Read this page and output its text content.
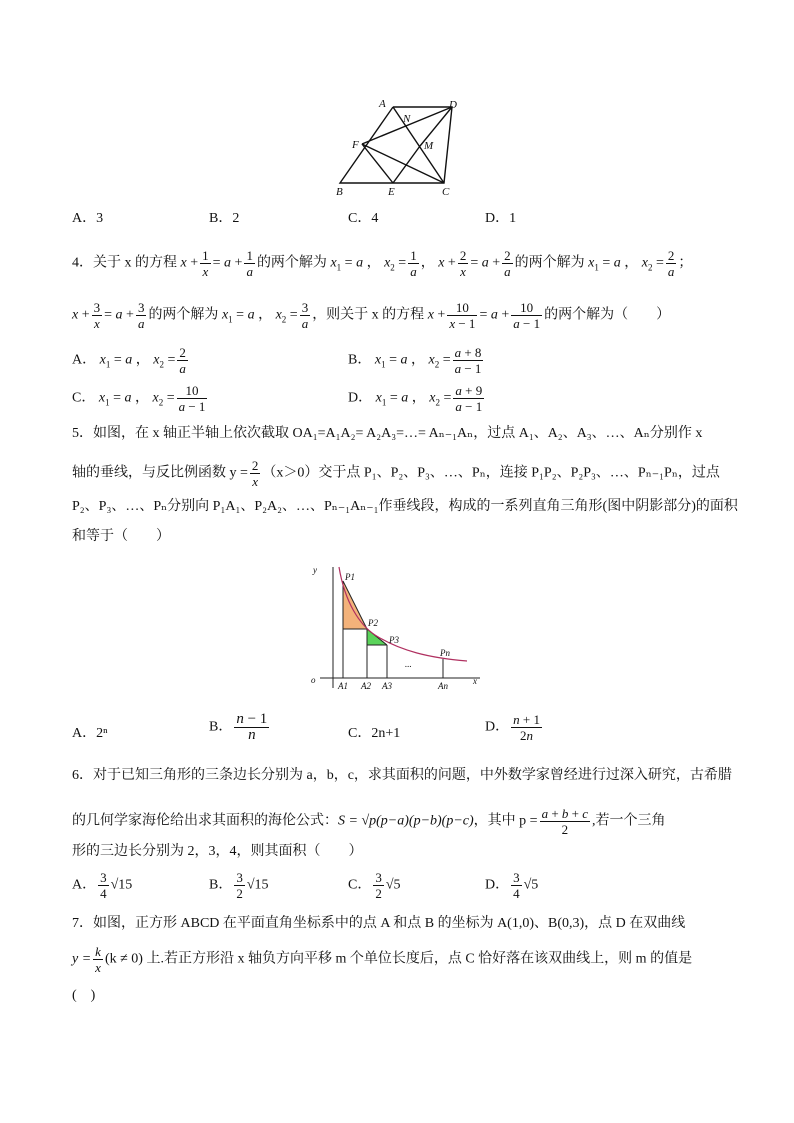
A	D
N
F	M
B	E	C
A．3	B．2	C．4	D．1
4．关于 x 的方程 $x + \frac{1}{x} = a + \frac{1}{a}$ 的两个解为 $x_1 = a$ ， $x_2 = \frac{1}{a}$ ， $x + \frac{2}{x} = a + \frac{2}{a}$ 的两个解为 $x_1 = a$ ， $x_2 = \frac{2}{a}$ ；
$x + \frac{3}{x} = a + \frac{3}{a}$ 的两个解为 $x_1 = a$ ， $x_2 = \frac{3}{a}$ ，则关于 x 的方程 $x + \frac{10}{x - 1} = a + \frac{10}{a - 1}$ 的两个解为（　　）
A． $x_1 = a$ ， $x_2 = \frac{2}{a}$	B． $x_1 = a$ ， $x_2 = \frac{a + 8}{a - 1}$
C． $x_1 = a$ ， $x_2 = \frac{10}{a - 1}$	D． $x_1 = a$ ， $x_2 = \frac{a + 9}{a - 1}$
5．如图，在 x 轴正半轴上依次截取 OA₁=A₁A₂= A₂A₃=…= Aₙ₋₁Aₙ，过点 A₁、A₂、A₃、…、Aₙ分别作 x
轴的垂线，与反比例函数 $y = \frac{2}{x} (x>0)$交于点 P₁、P₂、P₃、…、Pₙ，连接 P₁P₂、P₂P₃、…、Pₙ₋₁Pₙ，过点
P₂、P₃、…、Pₙ分别向 P₁A₁、P₂A₂、…、Pₙ₋₁Aₙ₋₁作垂线段，构成的一系列直角三角形(图中阴影部分)的面积
和等于（　　）
y
P1
P2
P3
Pn
o
A1 A2 A3	An	x
...
A．2ⁿ	B． $\frac{n - 1}{n}$	C．2n+1	D． $\frac{n + 1}{2n}$
6．对于已知三角形的三条边长分别为 a，b，c，求其面积的问题，中外数学家曾经进行过深入研究，古希腊
的几何学家海伦给出求其面积的海伦公式：S = √p(p−a)(p−b)(p−c)，其中 $p = \frac{a + b + c}{2}$ ,若一个三角
形的三边长分别为 2，3，4，则其面积（　　）
A． $\frac{3}{4} √15$	B． $\frac{3}{2} √15$	C． $\frac{3}{2} √5$	D． $\frac{3}{4} √5$
7．如图，正方形 ABCD 在平面直角坐标系中的点 A 和点 B 的坐标为 A(1,0)、B(0,3)，点 D 在双曲线
$y = \frac{k}{x} (k \ne 0)$ 上.若正方形沿 x 轴负方向平移 m 个单位长度后，点 C 恰好落在该双曲线上，则 m 的值是
(　)
